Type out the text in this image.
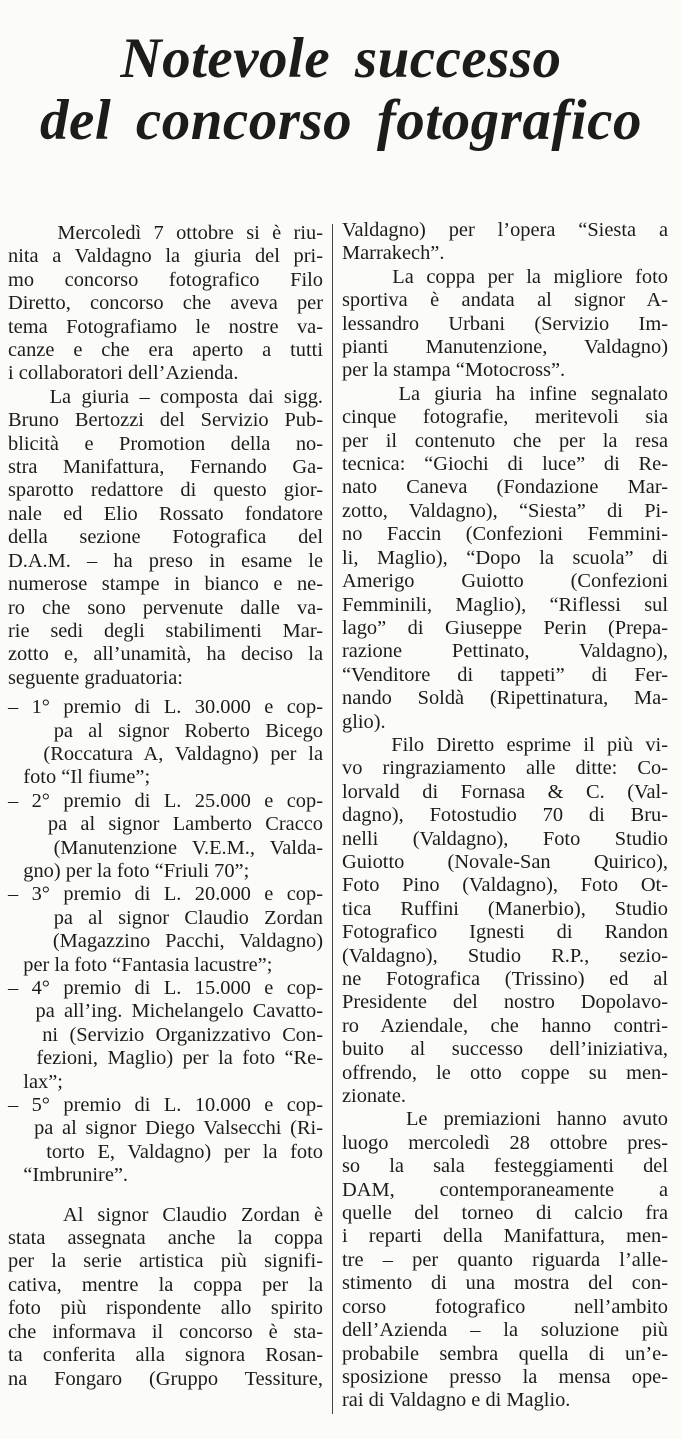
Notevole successo
del concorso fotografico
Mercoledì 7 ottobre si è riu-
nita a Valdagno la giuria del pri-
mo concorso fotografico Filo
Diretto, concorso che aveva per
tema Fotografiamo le nostre va-
canze e che era aperto a tutti
i collaboratori dell’Azienda.
La giuria – composta dai sigg.
Bruno Bertozzi del Servizio Pub-
blicità e Promotion della no-
stra Manifattura, Fernando Ga-
sparotto redattore di questo gior-
nale ed Elio Rossato fondatore
della sezione Fotografica del
D.A.M. – ha preso in esame le
numerose stampe in bianco e ne-
ro che sono pervenute dalle va-
rie sedi degli stabilimenti Mar-
zotto e, all’unamità, ha deciso la
seguente graduatoria:
– 1° premio di L. 30.000 e cop-
pa al signor Roberto Bicego
(Roccatura A, Valdagno) per la
foto “Il fiume”;
– 2° premio di L. 25.000 e cop-
pa al signor Lamberto Cracco
(Manutenzione V.E.M., Valda-
gno) per la foto “Friuli 70”;
– 3° premio di L. 20.000 e cop-
pa al signor Claudio Zordan
(Magazzino Pacchi, Valdagno)
per la foto “Fantasia lacustre”;
– 4° premio di L. 15.000 e cop-
pa all’ing. Michelangelo Cavatto-
ni (Servizio Organizzativo Con-
fezioni, Maglio) per la foto “Re-
lax”;
– 5° premio di L. 10.000 e cop-
pa al signor Diego Valsecchi (Ri-
torto E, Valdagno) per la foto
“Imbrunire”.
Al signor Claudio Zordan è
stata assegnata anche la coppa
per la serie artistica più signifi-
cativa, mentre la coppa per la
foto più rispondente allo spirito
che informava il concorso è sta-
ta conferita alla signora Rosan-
na Fongaro (Gruppo Tessiture,
Valdagno) per l’opera “Siesta a
Marrakech”.
La coppa per la migliore foto
sportiva è andata al signor A-
lessandro Urbani (Servizio Im-
pianti Manutenzione, Valdagno)
per la stampa “Motocross”.
La giuria ha infine segnalato
cinque fotografie, meritevoli sia
per il contenuto che per la resa
tecnica: “Giochi di luce” di Re-
nato Caneva (Fondazione Mar-
zotto, Valdagno), “Siesta” di Pi-
no Faccin (Confezioni Femmini-
li, Maglio), “Dopo la scuola” di
Amerigo Guiotto (Confezioni
Femminili, Maglio), “Riflessi sul
lago” di Giuseppe Perin (Prepa-
razione Pettinato, Valdagno),
“Venditore di tappeti” di Fer-
nando Soldà (Ripettinatura, Ma-
glio).
Filo Diretto esprime il più vi-
vo ringraziamento alle ditte: Co-
lorvald di Fornasa & C. (Val-
dagno), Fotostudio 70 di Bru-
nelli (Valdagno), Foto Studio
Guiotto (Novale-San Quirico),
Foto Pino (Valdagno), Foto Ot-
tica Ruffini (Manerbio), Studio
Fotografico Ignesti di Randon
(Valdagno), Studio R.P., sezio-
ne Fotografica (Trissino) ed al
Presidente del nostro Dopolavo-
ro Aziendale, che hanno contri-
buito al successo dell’iniziativa,
offrendo, le otto coppe su men-
zionate.
Le premiazioni hanno avuto
luogo mercoledì 28 ottobre pres-
so la sala festeggiamenti del
DAM, contemporaneamente a
quelle del torneo di calcio fra
i reparti della Manifattura, men-
tre – per quanto riguarda l’alle-
stimento di una mostra del con-
corso fotografico nell’ambito
dell’Azienda – la soluzione più
probabile sembra quella di un’e-
sposizione presso la mensa ope-
rai di Valdagno e di Maglio.
